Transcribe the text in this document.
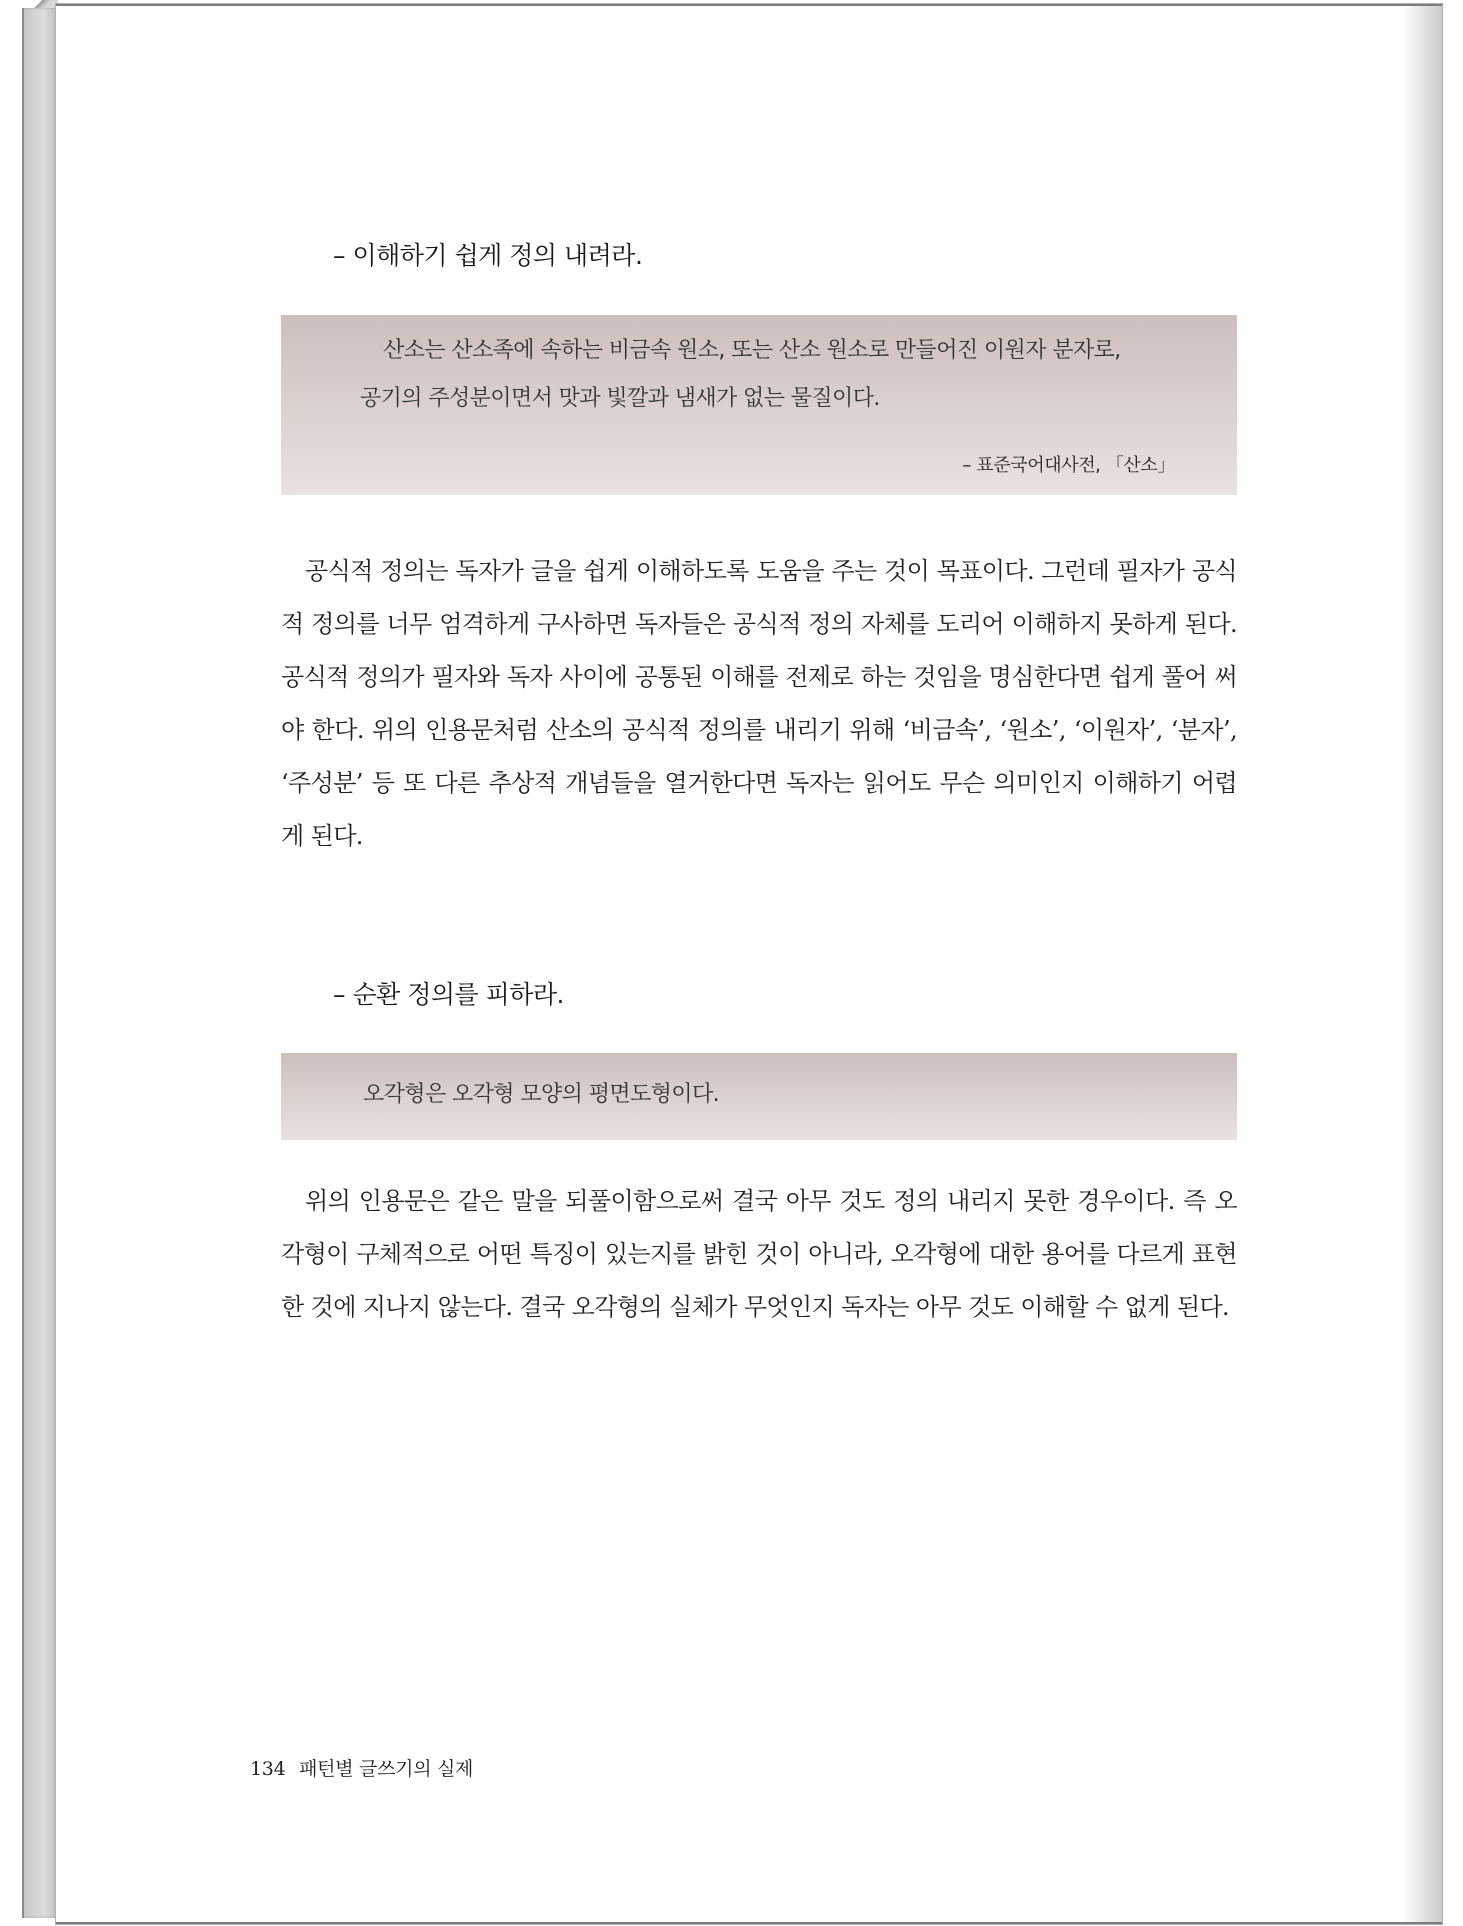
– 이해하기 쉽게 정의 내려라.
산소는 산소족에 속하는 비금속 원소, 또는 산소 원소로 만들어진 이원자 분자로,
공기의 주성분이면서 맛과 빛깔과 냄새가 없는 물질이다.
– 표준국어대사전, 「산소」

공식적 정의는 독자가 글을 쉽게 이해하도록 도움을 주는 것이 목표이다. 그런데 필자가 공식적 정의를 너무 엄격하게 구사하면 독자들은 공식적 정의 자체를 도리어 이해하지 못하게 된다. 공식적 정의가 필자와 독자 사이에 공통된 이해를 전제로 하는 것임을 명심한다면 쉽게 풀어 써야 한다. 위의 인용문처럼 산소의 공식적 정의를 내리기 위해 ‘비금속’, ‘원소’, ‘이원자’, ‘분자’, ‘주성분’ 등 또 다른 추상적 개념들을 열거한다면 독자는 읽어도 무슨 의미인지 이해하기 어렵게 된다.

– 순환 정의를 피하라.
오각형은 오각형 모양의 평면도형이다.

위의 인용문은 같은 말을 되풀이함으로써 결국 아무 것도 정의 내리지 못한 경우이다. 즉 오각형이 구체적으로 어떤 특징이 있는지를 밝힌 것이 아니라, 오각형에 대한 용어를 다르게 표현한 것에 지나지 않는다. 결국 오각형의 실체가 무엇인지 독자는 아무 것도 이해할 수 없게 된다.

134 패턴별 글쓰기의 실제
